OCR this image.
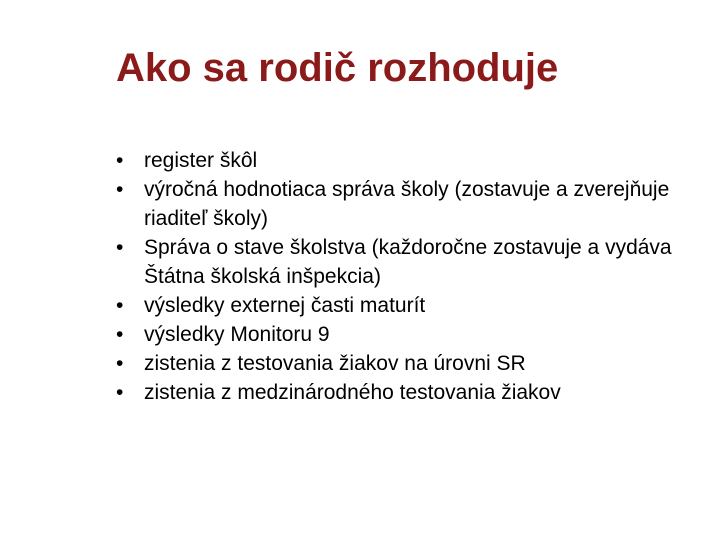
Ako sa rodič rozhoduje
• register škôl
• výročná hodnotiaca správa školy (zostavuje a zverejňuje riaditeľ školy)
• Správa o stave školstva (každoročne zostavuje a vydáva Štátna školská inšpekcia)
• výsledky externej časti maturít
• výsledky Monitoru 9
• zistenia z testovania žiakov na úrovni SR
• zistenia z medzinárodného testovania žiakov
